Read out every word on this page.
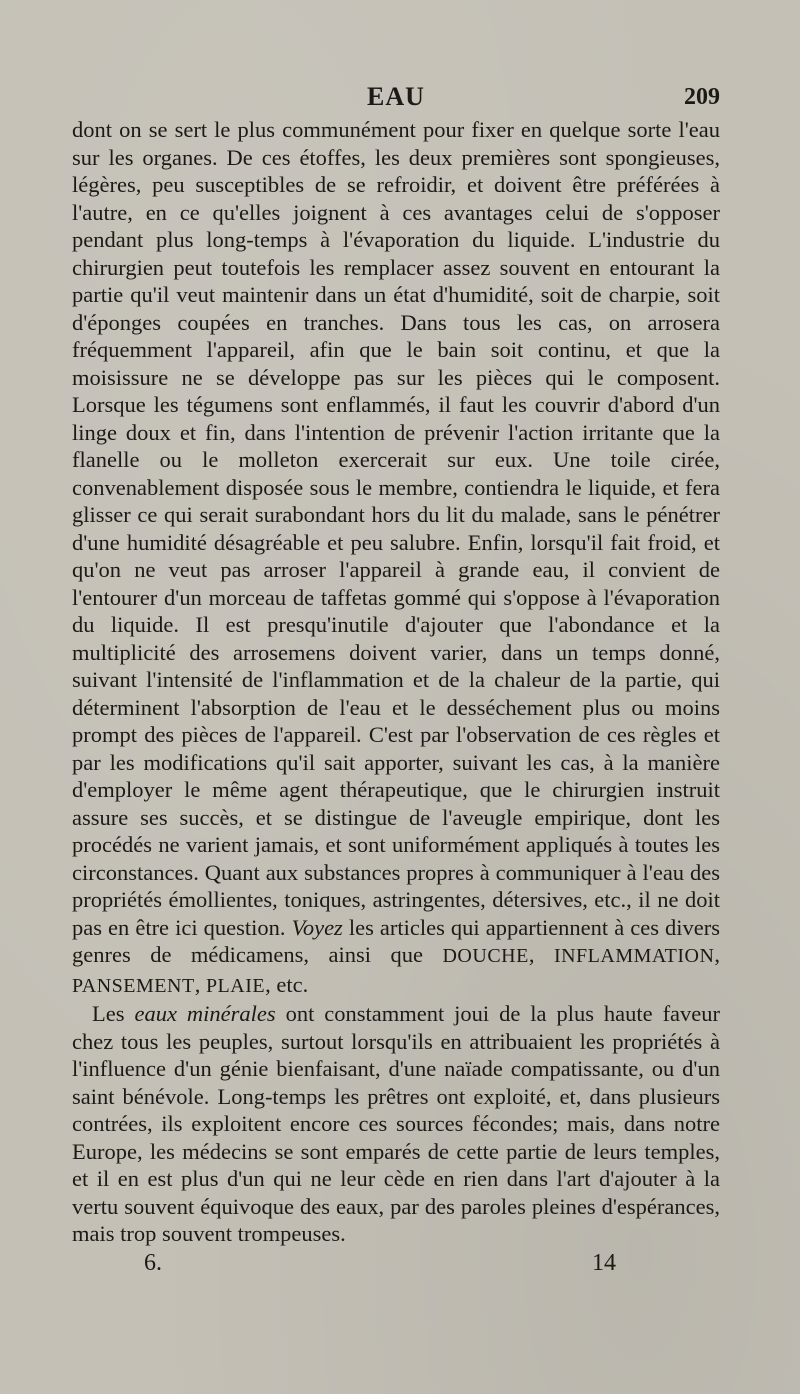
EAU	209

dont on se sert le plus communément pour fixer en quelque sorte l'eau sur les organes. De ces étoffes, les deux premières sont spongieuses, légères, peu susceptibles de se refroidir, et doivent être préférées à l'autre, en ce qu'elles joignent à ces avantages celui de s'opposer pendant plus long-temps à l'évaporation du liquide. L'industrie du chirurgien peut toutefois les remplacer assez souvent en entourant la partie qu'il veut maintenir dans un état d'humidité, soit de charpie, soit d'éponges coupées en tranches. Dans tous les cas, on arrosera fréquemment l'appareil, afin que le bain soit continu, et que la moisissure ne se développe pas sur les pièces qui le composent. Lorsque les tégumens sont enflammés, il faut les couvrir d'abord d'un linge doux et fin, dans l'intention de prévenir l'action irritante que la flanelle ou le molleton exercerait sur eux. Une toile cirée, convenablement disposée sous le membre, contiendra le liquide, et fera glisser ce qui serait surabondant hors du lit du malade, sans le pénétrer d'une humidité désagréable et peu salubre. Enfin, lorsqu'il fait froid, et qu'on ne veut pas arroser l'appareil à grande eau, il convient de l'entourer d'un morceau de taffetas gommé qui s'oppose à l'évaporation du liquide. Il est presqu'inutile d'ajouter que l'abondance et la multiplicité des arrosemens doivent varier, dans un temps donné, suivant l'intensité de l'inflammation et de la chaleur de la partie, qui déterminent l'absorption de l'eau et le desséchement plus ou moins prompt des pièces de l'appareil. C'est par l'observation de ces règles et par les modifications qu'il sait apporter, suivant les cas, à la manière d'employer le même agent thérapeutique, que le chirurgien instruit assure ses succès, et se distingue de l'aveugle empirique, dont les procédés ne varient jamais, et sont uniformément appliqués à toutes les circonstances. Quant aux substances propres à communiquer à l'eau des propriétés émollientes, toniques, astringentes, détersives, etc., il ne doit pas en être ici question. Voyez les articles qui appartiennent à ces divers genres de médicamens, ainsi que DOUCHE, INFLAMMATION, PANSEMENT, PLAIE, etc.

Les eaux minérales ont constamment joui de la plus haute faveur chez tous les peuples, surtout lorsqu'ils en attribuaient les propriétés à l'influence d'un génie bienfaisant, d'une naïade compatissante, ou d'un saint bénévole. Long-temps les prêtres ont exploité, et, dans plusieurs contrées, ils exploitent encore ces sources fécondes; mais, dans notre Europe, les médecins se sont emparés de cette partie de leurs temples, et il en est plus d'un qui ne leur cède en rien dans l'art d'ajouter à la vertu souvent équivoque des eaux, par des paroles pleines d'espérances, mais trop souvent trompeuses.

6.	14
